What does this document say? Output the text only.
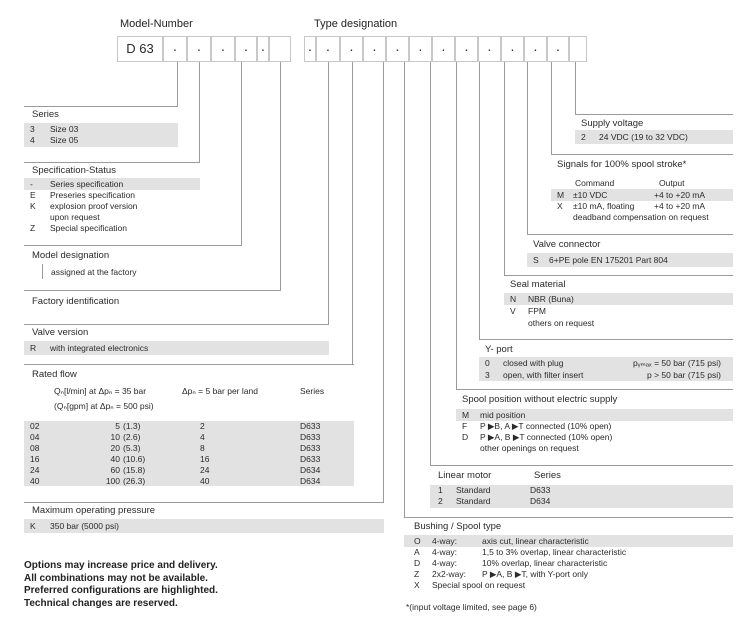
Model-Number	Type designation
D 63	.	.	.	. .	.	.	.	.	.	.	.	.	.	.	.	.
Series
3 Size 03
4 Size 05
Specification-Status
- Series specification
E Preseries specification
K explosion proof version
upon request
Z Special specification
Model designation
assigned at the factory
Factory identification
Valve version
R with integrated electronics
Rated flow
Qₙ[l/min] at Δpₙ = 35 bar
(Qₙ[gpm] at Δpₙ = 500 psi)
Δpₙ = 5 bar per land	Series
02	5 (1.3)	2	D633
04	10 (2.6)	4	D633
08	20 (5.3)	8	D633
16	40 (10.6)	16	D633
24	60 (15.8)	24	D634
40	100 (26.3)	40	D634
Maximum operating pressure
K 350 bar (5000 psi)
Options may increase price and delivery.
All combinations may not be available.
Preferred configurations are highlighted.
Technical changes are reserved.
Supply voltage
2 24 VDC (19 to 32 VDC)
Signals for 100% spool stroke*
Command	Output
M ±10 VDC	+4 to +20 mA
X ±10 mA, floating +4 to +20 mA
deadband compensation on request
Valve connector
S 6+PE pole EN 175201 Part 804
Seal material
N NBR (Buna)
V FPM
others on request
Y- port
0 closed with plug	pᵧₘₐₓ = 50 bar (715 psi)
3 open, with filter insert	p > 50 bar (715 psi)
Spool position without electric supply
M mid position
F P ▶B, A ▶T connected (10% open)
D P ▶A, B ▶T connected (10% open)
other openings on request
Linear motor	Series
1 Standard	D633
2 Standard	D634
Bushing / Spool type
O 4-way:	axis cut, linear characteristic
A 4-way:	1,5 to 3% overlap, linear characteristic
D 4-way:	10% overlap, linear characteristic
Z 2x2-way: P ▶A, B ▶T, with Y-port only
X Special spool on request
*(input voltage limited, see page 6)
